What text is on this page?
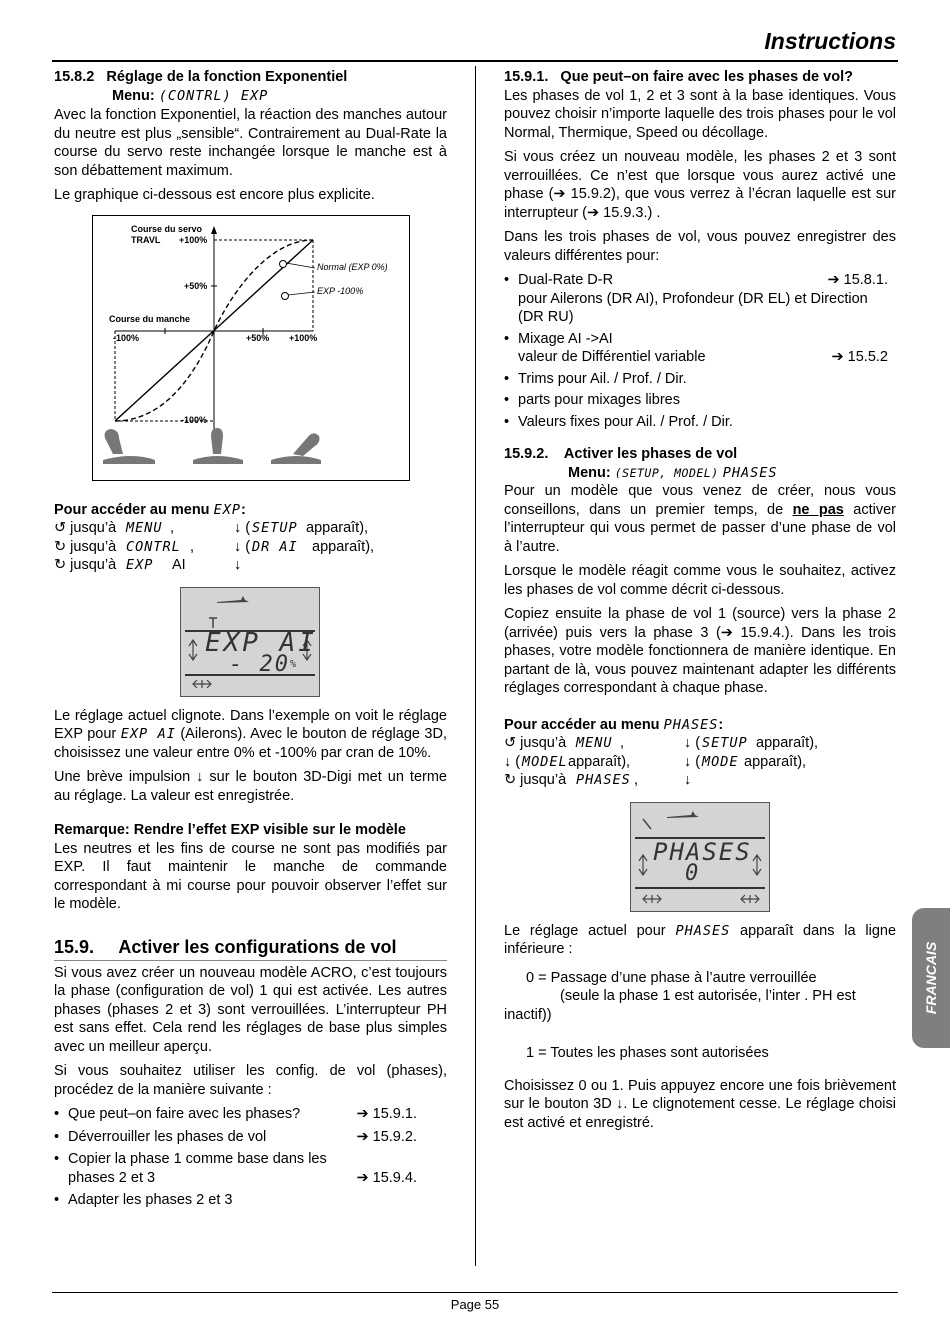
Instructions
15.8.2 Réglage de la fonction Exponentiel
Menu: (CONTRL) EXP

Avec la fonction Exponentiel, la réaction des manches autour du neutre est plus „sensible“. Contrairement au Dual-Rate la course du servo reste inchangée lorsque le manche est à son débattement maximum.

Le graphique ci-dessous est encore plus explicite.

Course du servo
TRAVL +100%
+50%
Course du manche
-100%	+50% +100%
-100%
Normal (EXP 0%)
EXP -100%
Pour accéder au menu EXP:
↺ jusqu’à MENU ,	↓ ( SETUP apparaît),
↻ jusqu’à CONTRL ,	↓ ( DR AI apparaît),
↻ jusqu’à EXP AI	↓
EXP AI
- 20%

Le réglage actuel clignote. Dans l’exemple on voit le réglage EXP pour EXP AI (Ailerons). Avec le bouton de réglage 3D, choisissez une valeur entre 0% et -100% par cran de 10%.

Une brève impulsion ↓ sur le bouton 3D-Digi met un terme au réglage. La valeur est enregistrée.

Remarque: Rendre l’effet EXP visible sur le modèle

Les neutres et les fins de course ne sont pas modifiés par EXP. Il faut maintenir le manche de commande correspondant à mi course pour pouvoir observer l’effet sur le modèle.

15.9. Activer les configurations de vol

Si vous avez créer un nouveau modèle ACRO, c’est toujours la phase (configuration de vol) 1 qui est activée. Les autres phases (phases 2 et 3) sont verrouillées. L’interrupteur PH est sans effet. Cela rend les réglages de base plus simples avec un meilleur aperçu.

Si vous souhaitez utiliser les config. de vol (phases), procédez de la manière suivante :

• Que peut–on faire avec les phases?	➔ 15.9.1.
• Déverrouiller les phases de vol	➔ 15.9.2.
• Copier la phase 1 comme base dans les phases 2 et 3	➔ 15.9.4.
• Adapter les phases 2 et 3
15.9.1.   Que peut–on faire avec les phases de vol?

Les phases de vol 1, 2 et 3 sont à la base identiques. Vous pouvez choisir n’importe laquelle des trois phases pour le vol Normal, Thermique, Speed ou décollage.

Si vous créez un nouveau modèle, les phases 2 et 3 sont verrouillées. Ce n’est que lorsque vous aurez activé une phase (➔ 15.9.2), que vous verrez à l’écran laquelle est sur interrupteur (➔ 15.9.3.) .

Dans les trois phases de vol, vous pouvez enregistrer des valeurs différentes pour:

• Dual-Rate D-R	➔ 15.8.1.
pour Ailerons (DR AI), Profondeur (DR EL) et Direction (DR RU)
• Mixage AI ->AI
valeur de Différentiel variable	➔ 15.5.2
• Trims pour Ail. / Prof. / Dir.
• parts pour mixages libres
• Valeurs fixes pour Ail. / Prof. / Dir.
15.9.2. Activer les phases de vol
Menu: (SETUP, MODEL) PHASES

Pour un modèle que vous venez de créer, nous vous conseillons, dans un premier temps, de ne pas activer l’interrupteur qui vous permet de passer d’une phase de vol à l’autre.

Lorsque le modèle réagit comme vous le souhaitez, activez les phases de vol comme décrit ci-dessous.

Copiez ensuite la phase de vol 1 (source) vers la phase 2 (arrivée) puis vers la phase 3 (➔ 15.9.4.). Dans les trois phases, votre modèle fonctionnera de manière identique. En partant de là, vous pouvez maintenant adapter les différents réglages correspondant à chaque phase.

Pour accéder au menu PHASES:
↺ jusqu’à MENU ,	↓ ( SETUP apparaît),
↓ ( MODEL apparaît),	↓ ( MODE apparaît),
↻ jusqu’à PHASES ,	↓
PHASES
0

Le réglage actuel pour PHASES apparaît dans la ligne inférieure :

0 = Passage d’une phase à l’autre verrouillée
(seule la phase 1 est autorisée, l’inter . PH est
inactif))
1 = Toutes les phases sont autorisées

Choisissez 0 ou 1. Puis appuyez encore une fois brièvement sur le bouton 3D ↓. Le clignotement cesse. Le réglage choisi est activé et enregistré.

FRANCAIS
Page 55
